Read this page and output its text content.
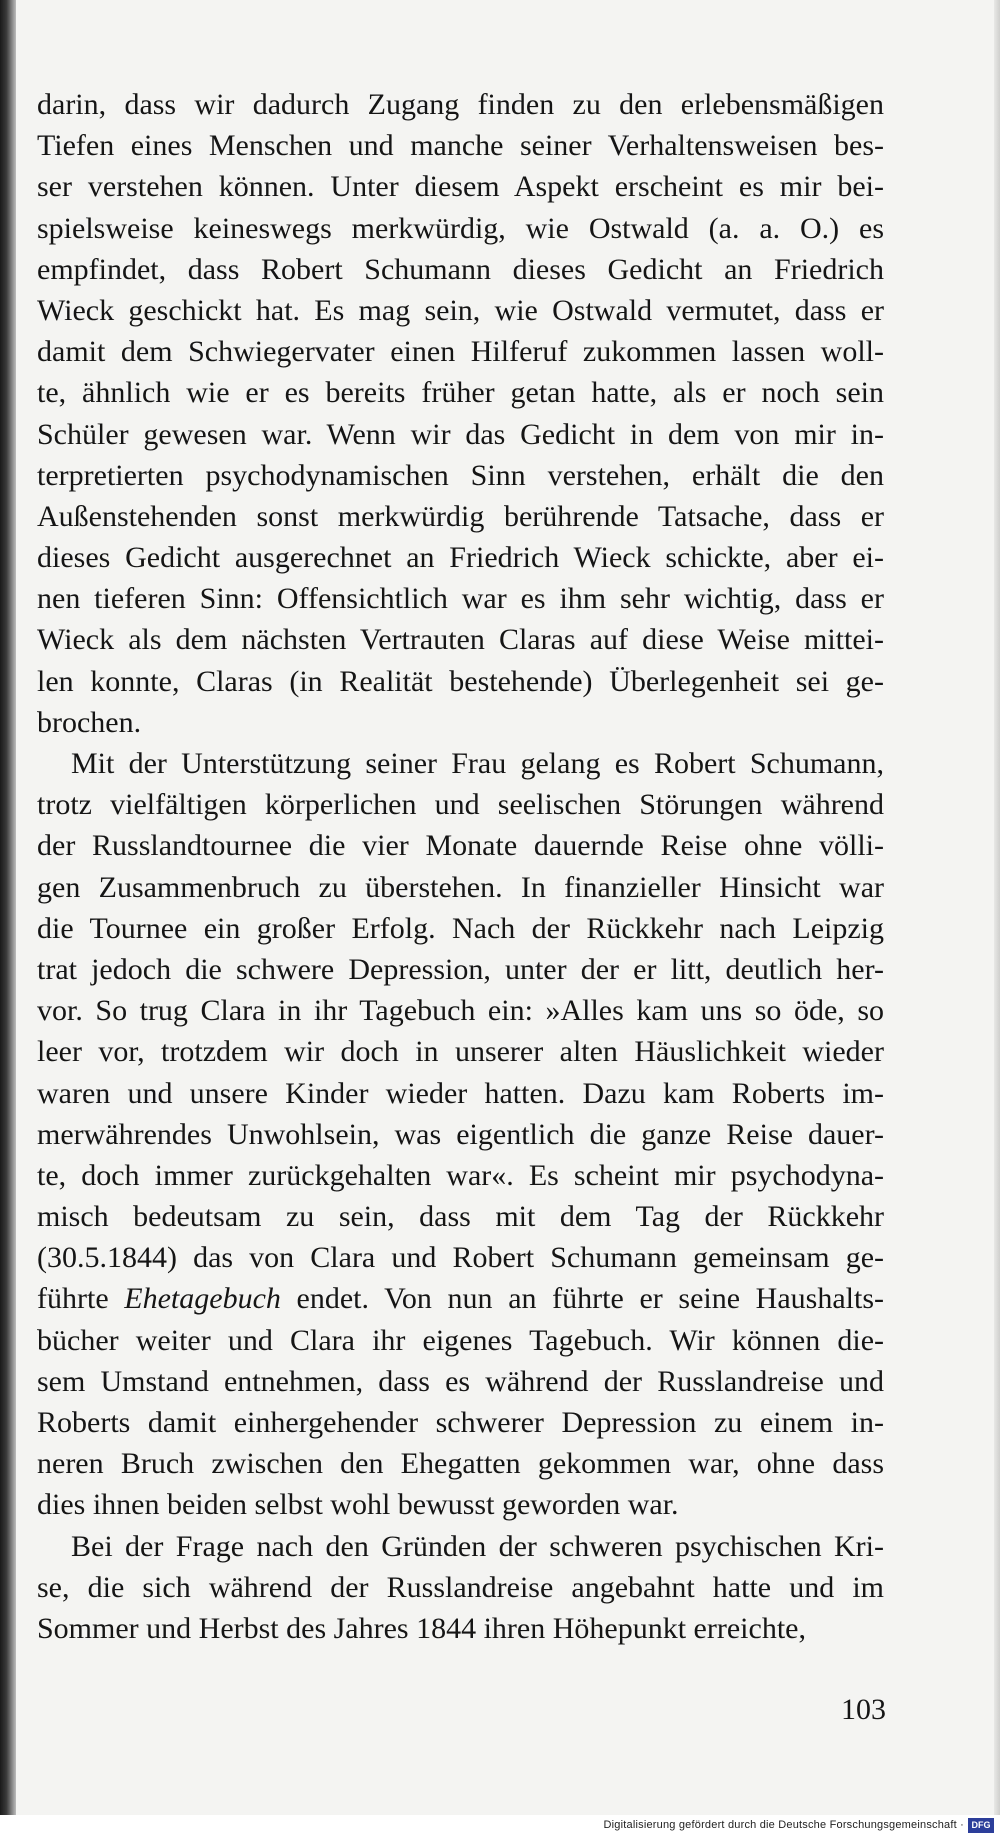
darin, dass wir dadurch Zugang finden zu den erlebensmäßigen
Tiefen eines Menschen und manche seiner Verhaltensweisen bes-
ser verstehen können. Unter diesem Aspekt erscheint es mir bei-
spielsweise keineswegs merkwürdig, wie Ostwald (a. a. O.) es
empfindet, dass Robert Schumann dieses Gedicht an Friedrich
Wieck geschickt hat. Es mag sein, wie Ostwald vermutet, dass er
damit dem Schwiegervater einen Hilferuf zukommen lassen woll-
te, ähnlich wie er es bereits früher getan hatte, als er noch sein
Schüler gewesen war. Wenn wir das Gedicht in dem von mir in-
terpretierten psychodynamischen Sinn verstehen, erhält die den
Außenstehenden sonst merkwürdig berührende Tatsache, dass er
dieses Gedicht ausgerechnet an Friedrich Wieck schickte, aber ei-
nen tieferen Sinn: Offensichtlich war es ihm sehr wichtig, dass er
Wieck als dem nächsten Vertrauten Claras auf diese Weise mittei-
len konnte, Claras (in Realität bestehende) Überlegenheit sei ge-
brochen.
Mit der Unterstützung seiner Frau gelang es Robert Schumann,
trotz vielfältigen körperlichen und seelischen Störungen während
der Russlandtournee die vier Monate dauernde Reise ohne völli-
gen Zusammenbruch zu überstehen. In finanzieller Hinsicht war
die Tournee ein großer Erfolg. Nach der Rückkehr nach Leipzig
trat jedoch die schwere Depression, unter der er litt, deutlich her-
vor. So trug Clara in ihr Tagebuch ein: »Alles kam uns so öde, so
leer vor, trotzdem wir doch in unserer alten Häuslichkeit wieder
waren und unsere Kinder wieder hatten. Dazu kam Roberts im-
merwährendes Unwohlsein, was eigentlich die ganze Reise dauer-
te, doch immer zurückgehalten war«. Es scheint mir psychodyna-
misch bedeutsam zu sein, dass mit dem Tag der Rückkehr
(30.5.1844) das von Clara und Robert Schumann gemeinsam ge-
führte Ehetagebuch endet. Von nun an führte er seine Haushalts-
bücher weiter und Clara ihr eigenes Tagebuch. Wir können die-
sem Umstand entnehmen, dass es während der Russlandreise und
Roberts damit einhergehender schwerer Depression zu einem in-
neren Bruch zwischen den Ehegatten gekommen war, ohne dass
dies ihnen beiden selbst wohl bewusst geworden war.
Bei der Frage nach den Gründen der schweren psychischen Kri-
se, die sich während der Russlandreise angebahnt hatte und im
Sommer und Herbst des Jahres 1844 ihren Höhepunkt erreichte,
103
Digitalisierung gefördert durch die Deutsche Forschungsgemeinschaft · DFG
